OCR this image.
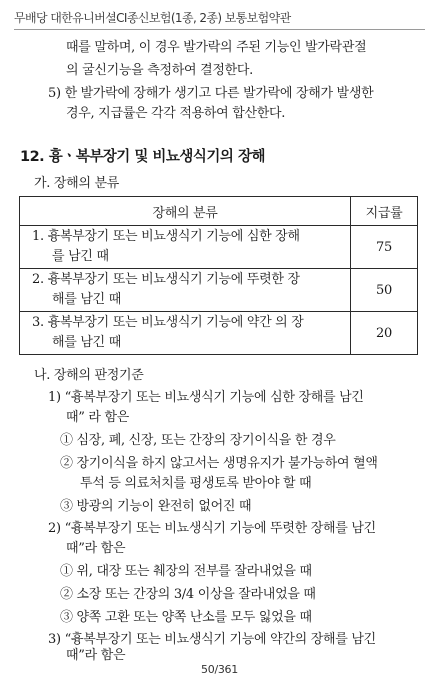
무배당 대한유니버셜CI종신보험(1종, 2종) 보통보험약관
때를 말하며, 이 경우 발가락의 주된 기능인 발가락관절
의 굴신기능을 측정하여 결정한다.
5) 한 발가락에 장해가 생기고 다른 발가락에 장해가 발생한
경우, 지급률은 각각 적용하여 합산한다.
12. 흉ㆍ복부장기 및 비뇨생식기의 장해
가. 장해의 분류
장해의 분류	지급률
1. 흉복부장기 또는 비뇨생식기 기능에 심한 장해
를 남긴 때	75
2. 흉복부장기 또는 비뇨생식기 기능에 뚜렷한 장
해를 남긴 때	50
3. 흉복부장기 또는 비뇨생식기 기능에 약간 의 장
해를 남긴 때	20
나. 장해의 판정기준
1) “흉복부장기 또는 비뇨생식기 기능에 심한 장해를 남긴
때” 라 함은
① 심장, 폐, 신장, 또는 간장의 장기이식을 한 경우
② 장기이식을 하지 않고서는 생명유지가 불가능하여 혈액
투석 등 의료처치를 평생토록 받아야 할 때
③ 방광의 기능이 완전히 없어진 때
2) “흉복부장기 또는 비뇨생식기 기능에 뚜렷한 장해를 남긴
때”라 함은
① 위, 대장 또는 췌장의 전부를 잘라내었을 때
② 소장 또는 간장의 3/4 이상을 잘라내었을 때
③ 양쪽 고환 또는 양쪽 난소를 모두 잃었을 때
3) “흉복부장기 또는 비뇨생식기 기능에 약간의 장해를 남긴
때”라 함은
50/361
